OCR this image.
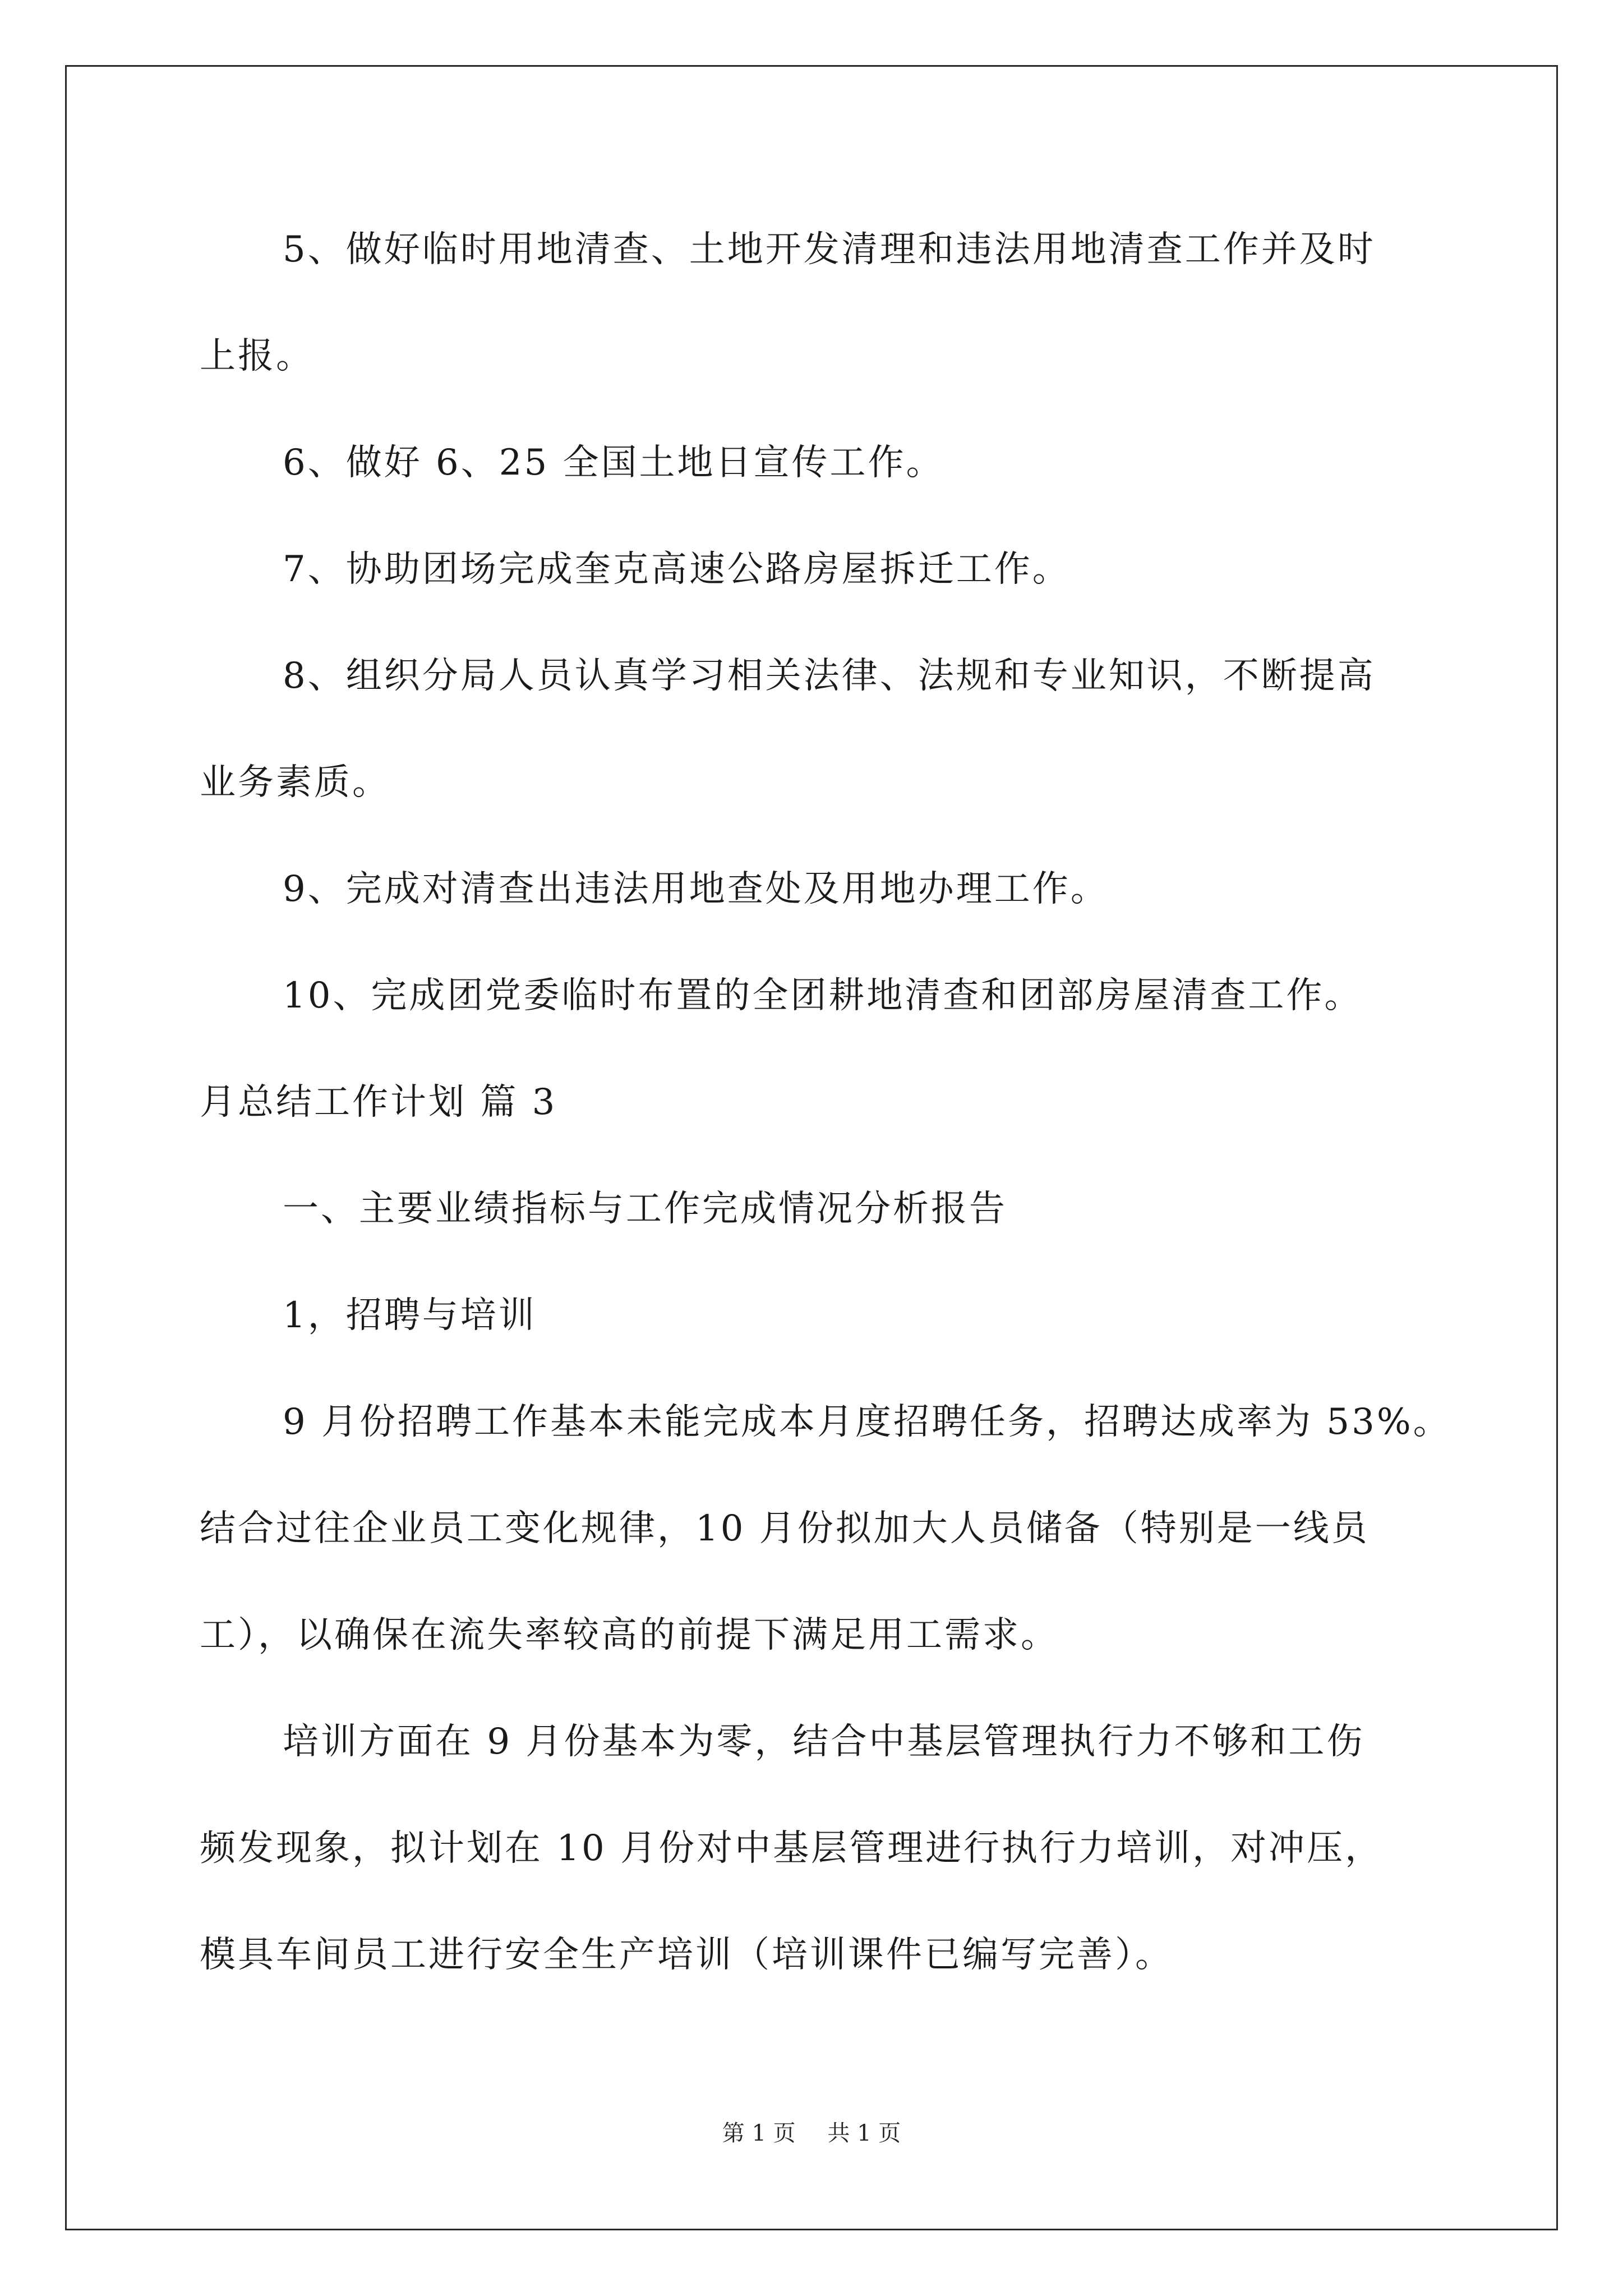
5、做好临时用地清查、土地开发清理和违法用地清查工作并及时
上报。
6、做好 6、25 全国土地日宣传工作。
7、协助团场完成奎克高速公路房屋拆迁工作。
8、组织分局人员认真学习相关法律、法规和专业知识，不断提高
业务素质。
9、完成对清查出违法用地查处及用地办理工作。
10、完成团党委临时布置的全团耕地清查和团部房屋清查工作。
月总结工作计划 篇 3
一、主要业绩指标与工作完成情况分析报告
1，招聘与培训
9 月份招聘工作基本未能完成本月度招聘任务，招聘达成率为 53%。
结合过往企业员工变化规律，10 月份拟加大人员储备（特别是一线员
工），以确保在流失率较高的前提下满足用工需求。
培训方面在 9 月份基本为零，结合中基层管理执行力不够和工伤
频发现象，拟计划在 10 月份对中基层管理进行执行力培训，对冲压，
模具车间员工进行安全生产培训（培训课件已编写完善）。
第 1 页 共 1 页
